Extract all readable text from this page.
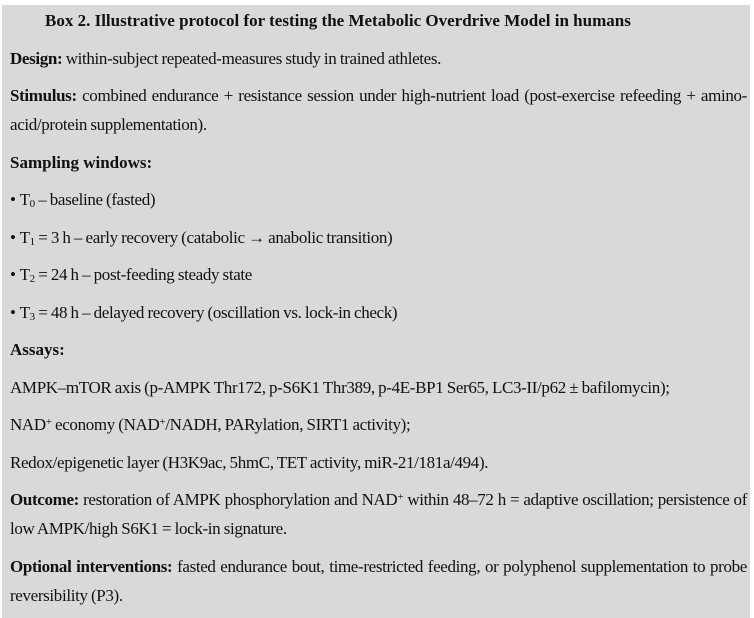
Box 2. Illustrative protocol for testing the Metabolic Overdrive Model in humans

Design: within-subject repeated-measures study in trained athletes.

Stimulus: combined endurance + resistance session under high-nutrient load (post-exercise refeeding + amino-acid/protein supplementation).

Sampling windows:

• $T_0$ – baseline (fasted)

• $T_1 = 3$ h – early recovery (catabolic → anabolic transition)

• $T_2 = 24$ h – post-feeding steady state

• $T_3 = 48$ h – delayed recovery (oscillation vs. lock-in check)

Assays:

AMPK–mTOR axis (p-AMPK Thr172, p-S6K1 Thr389, p-4E-BP1 Ser65, LC3-II/p62 ± bafilomycin);

NAD+ economy (NAD+/NADH, PARylation, SIRT1 activity);

Redox/epigenetic layer (H3K9ac, 5hmC, TET activity, miR-21/181a/494).

Outcome: restoration of AMPK phosphorylation and NAD+ within 48–72 h = adaptive oscillation; persistence of low AMPK/high S6K1 = lock-in signature.

Optional interventions: fasted endurance bout, time-restricted feeding, or polyphenol supplementation to probe reversibility (P3).
